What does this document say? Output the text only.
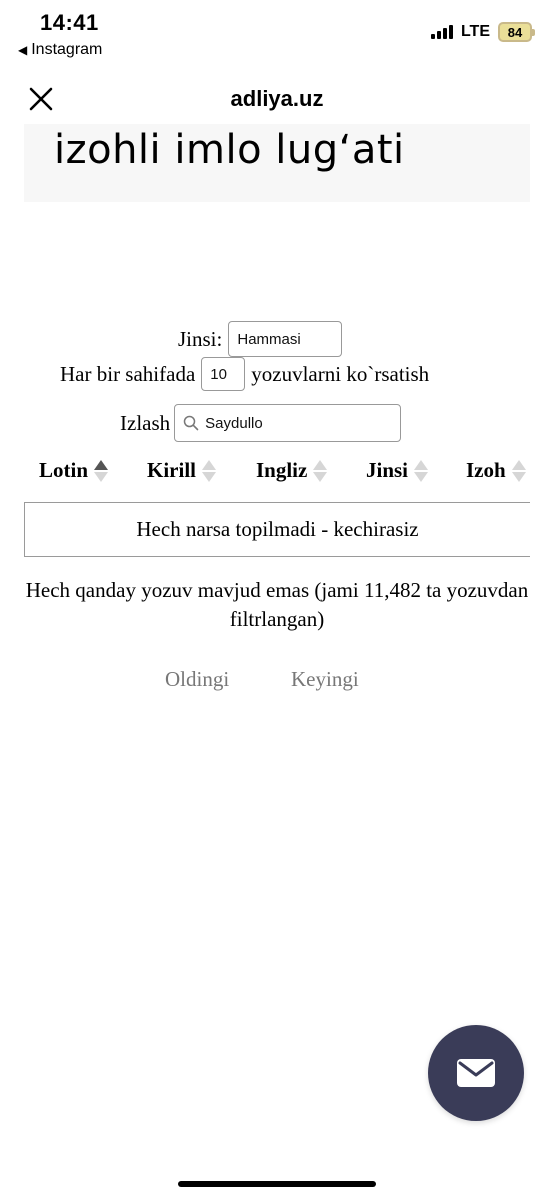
14:41
◀ Instagram
LTE 84
adliya.uz
izohli imlo lugʻati
Jinsi: Hammasi
Har bir sahifada 10 yozuvlarni ko`rsatish
Izlash Saydullo
Lotin	Kirill	Ingliz	Jinsi	Izoh
Hech narsa topilmadi - kechirasiz
Hech qanday yozuv mavjud emas (jami 11,482 ta yozuvdan filtrlangan)
Oldingi	Keyingi
